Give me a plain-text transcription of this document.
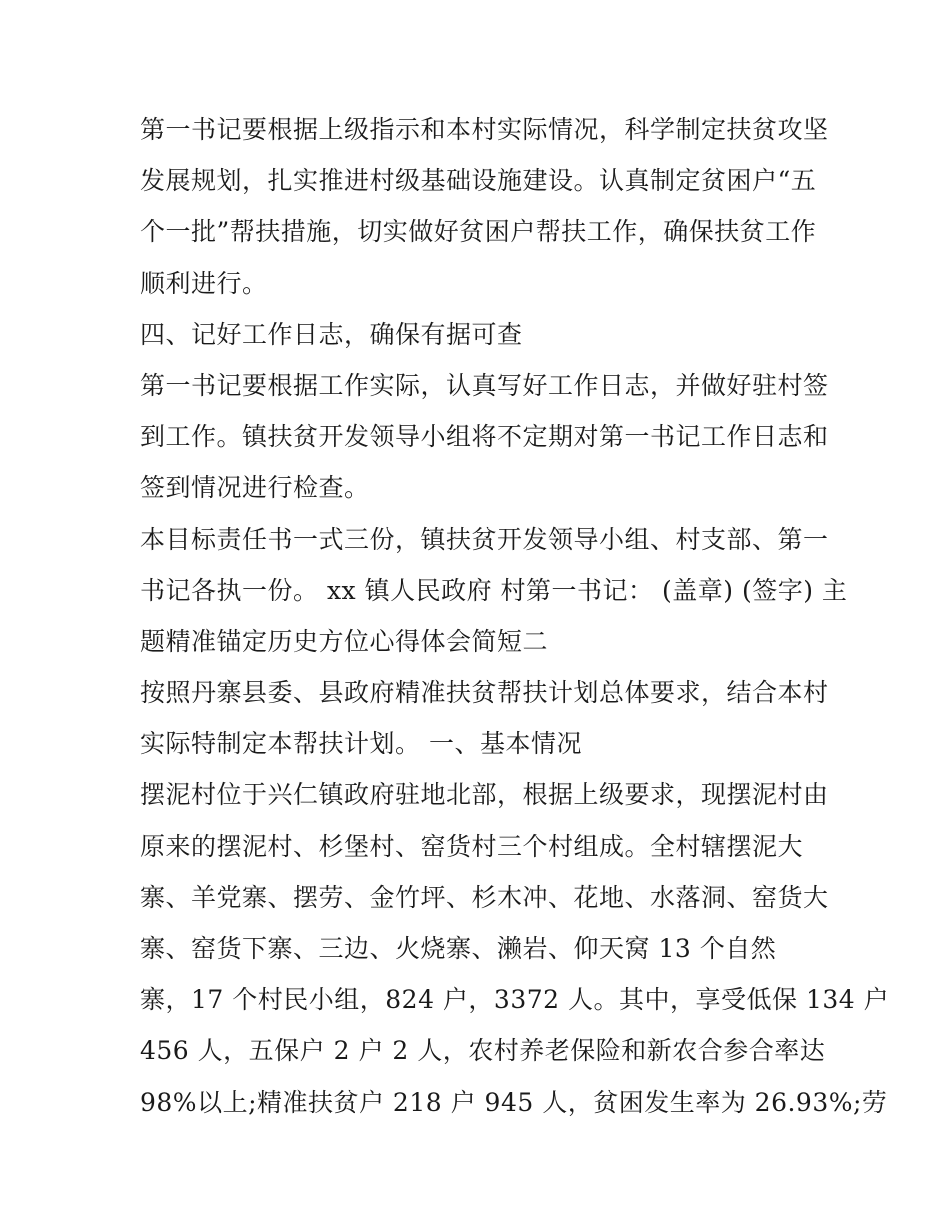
第一书记要根据上级指示和本村实际情况，科学制定扶贫攻坚
发展规划，扎实推进村级基础设施建设。认真制定贫困户“五
个一批”帮扶措施，切实做好贫困户帮扶工作，确保扶贫工作
顺利进行。
四、记好工作日志，确保有据可查
第一书记要根据工作实际，认真写好工作日志，并做好驻村签
到工作。镇扶贫开发领导小组将不定期对第一书记工作日志和
签到情况进行检查。
本目标责任书一式三份，镇扶贫开发领导小组、村支部、第一
书记各执一份。 xx 镇人民政府 村第一书记： (盖章) (签字) 主
题精准锚定历史方位心得体会简短二
按照丹寨县委、县政府精准扶贫帮扶计划总体要求，结合本村
实际特制定本帮扶计划。 一、基本情况
摆泥村位于兴仁镇政府驻地北部，根据上级要求，现摆泥村由
原来的摆泥村、杉堡村、窑货村三个村组成。全村辖摆泥大
寨、羊党寨、摆劳、金竹坪、杉木冲、花地、水落洞、窑货大
寨、窑货下寨、三边、火烧寨、濑岩、仰天窝 13 个自然
寨，17 个村民小组，824 户，3372 人。其中，享受低保 134 户
456 人，五保户 2 户 2 人，农村养老保险和新农合参合率达
98%以上;精准扶贫户 218 户 945 人，贫困发生率为 26.93%;劳
